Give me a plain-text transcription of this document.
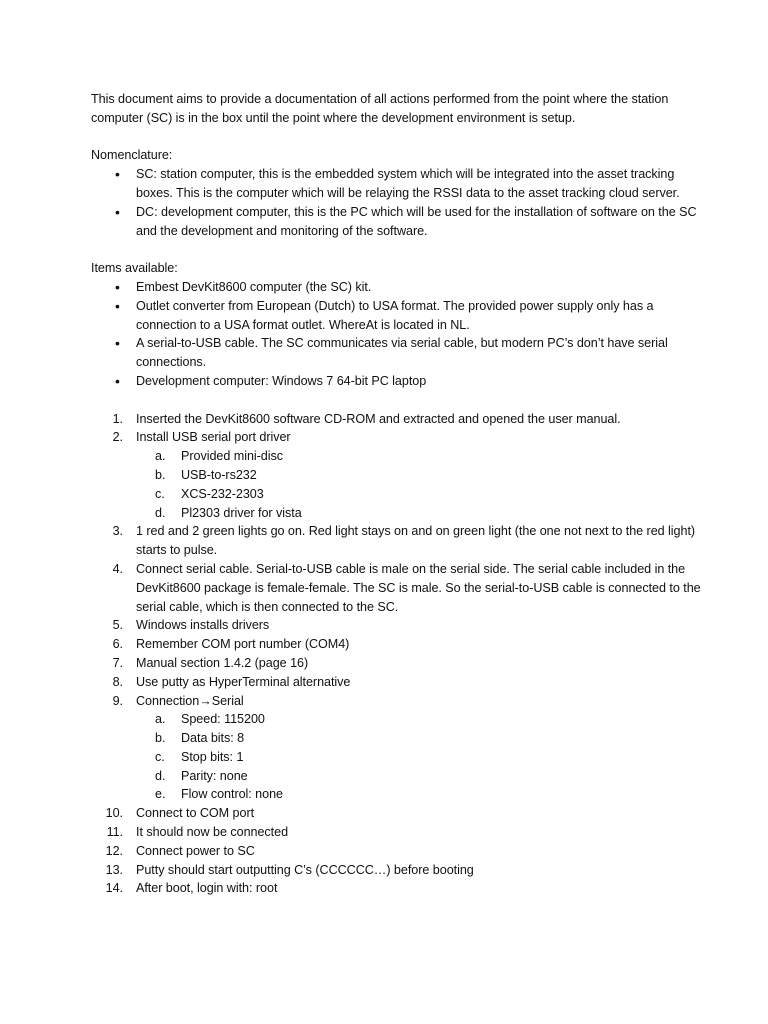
This document aims to provide a documentation of all actions performed from the point where the station computer (SC) is in the box until the point where the development environment is setup.

Nomenclature:

• SC: station computer, this is the embedded system which will be integrated into the asset tracking boxes. This is the computer which will be relaying the RSSI data to the asset tracking cloud server.
• DC: development computer, this is the PC which will be used for the installation of software on the SC and the development and monitoring of the software.

Items available:

• Embest DevKit8600 computer (the SC) kit.
• Outlet converter from European (Dutch) to USA format. The provided power supply only has a connection to a USA format outlet. WhereAt is located in NL.
• A serial-to-USB cable. The SC communicates via serial cable, but modern PC’s don’t have serial connections.
• Development computer: Windows 7 64-bit PC laptop
1. Inserted the DevKit8600 software CD-ROM and extracted and opened the user manual.
2. Install USB serial port driver
a. Provided mini-disc
b. USB-to-rs232
c. XCS-232-2303
d. Pl2303 driver for vista
3. 1 red and 2 green lights go on. Red light stays on and on green light (the one not next to the red light) starts to pulse.
4. Connect serial cable. Serial-to-USB cable is male on the serial side. The serial cable included in the DevKit8600 package is female-female. The SC is male. So the serial-to-USB cable is connected to the serial cable, which is then connected to the SC.
5. Windows installs drivers
6. Remember COM port number (COM4)
7. Manual section 1.4.2 (page 16)
8. Use putty as HyperTerminal alternative
9. Connection→Serial
a. Speed: 115200
b. Data bits: 8
c. Stop bits: 1
d. Parity: none
e. Flow control: none
10. Connect to COM port
11. It should now be connected
12. Connect power to SC
13. Putty should start outputting C’s (CCCCCC…) before booting
14. After boot, login with: root
